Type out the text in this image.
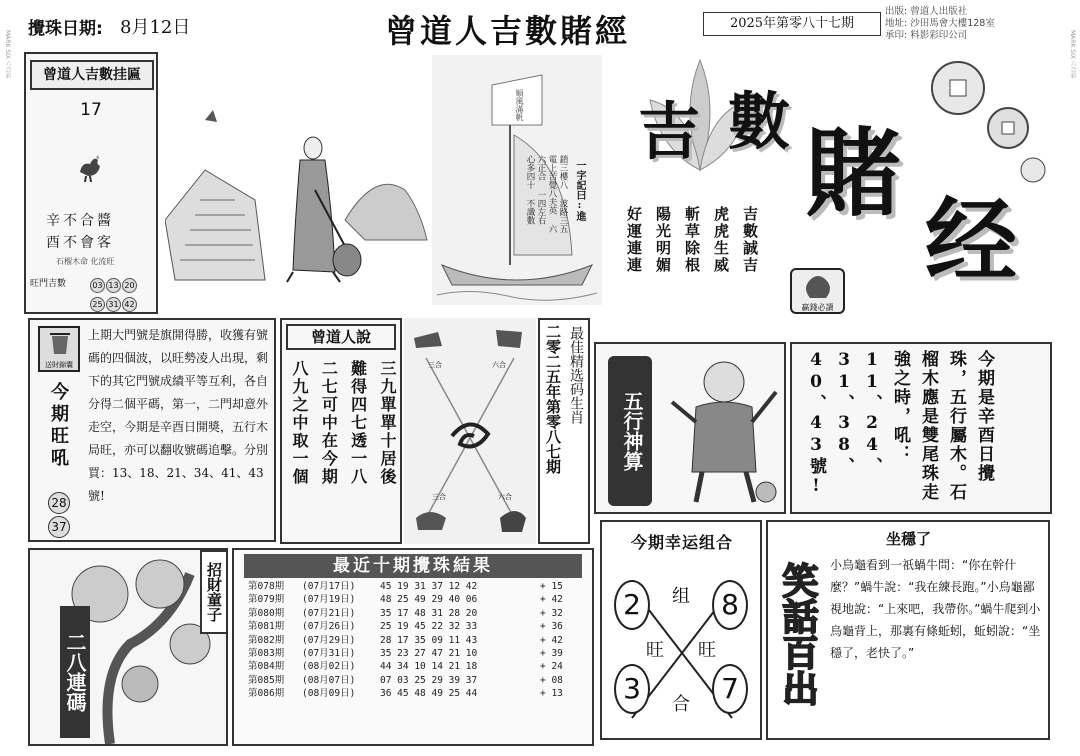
MARK SIX 六合彩	MARK SIX 六合彩
攪珠日期: 8月12日	曾道人吉數賭經	2025年第零八十七期
出版: 曾道人出版社
地址: 沙田馬會大樓128室
承印: 料影彩印公司
曾道人吉數挂匾
17
辛不合醬
酉不會客
石榴木命 化流旺
旺門吉數	03 13 20
25 31 42
順風滿帆
鎖三樓八 波路三五 電上苦覺八夫英 六六正合 一四左右 心多四十 不識數	一字記曰:進
吉 數 賭
经
贏錢必讀
吉數誠吉
虎虎生威
斬草除根
陽光明媚
好運連連
送財錦囊
今期旺吼
28
37
上期大門號是旗開得勝，收獲有號碼的四個波，以旺勢凌人出現，剩下的其它門號成績平等互利，各自分得二個平碼，第一，二門却意外走空，今期是辛酉日開獎，五行木局旺，亦可以翻收號碼追擊。分別買：13、18、21、34、41、43號!
曾道人說
三九單單十居後
難得四七透一八
二七可中在今期
八九之中取一個	三合	六合
三合	六合
二零二五年第零八七期 最佳精选码生肖
五行神算	今期是辛酉日攪珠，五行屬木。石榴木應是雙尾珠走強之時，吼：11、24、31、38、40、43號!
二八連碼
招財童子	最近十期攪珠結果
第078期	(07月17日)	45 19 31 37 12 42	+ 15
第079期	(07月19日)	48 25 49 29 40 06	+ 42
第080期	(07月21日)	35 17 48 31 28 20	+ 32
第081期	(07月26日)	25 19 45 22 32 33	+ 36
第082期	(07月29日)	28 17 35 09 11 43	+ 42
第083期	(07月31日)	35 23 27 47 21 10	+ 39
第084期	(08月02日)	44 34 10 14 21 18	+ 24
第085期	(08月07日)	07 03 25 29 39 37	+ 08
第086期	(08月09日)	36 45 48 49 25 44	+ 13
今期幸运组合
2	8
3	7
组
旺 旺
合 笑話百出
坐穩了
小烏龜看到一祇蝸牛問：“你在幹什麼？”蝸牛說：“我在練長跑。”小烏龜鄙視地說：“上來吧，我帶你。”蝸牛爬到小烏龜背上，那裏有條蚯蚓，蚯蚓說：“坐穩了，老快了。”
